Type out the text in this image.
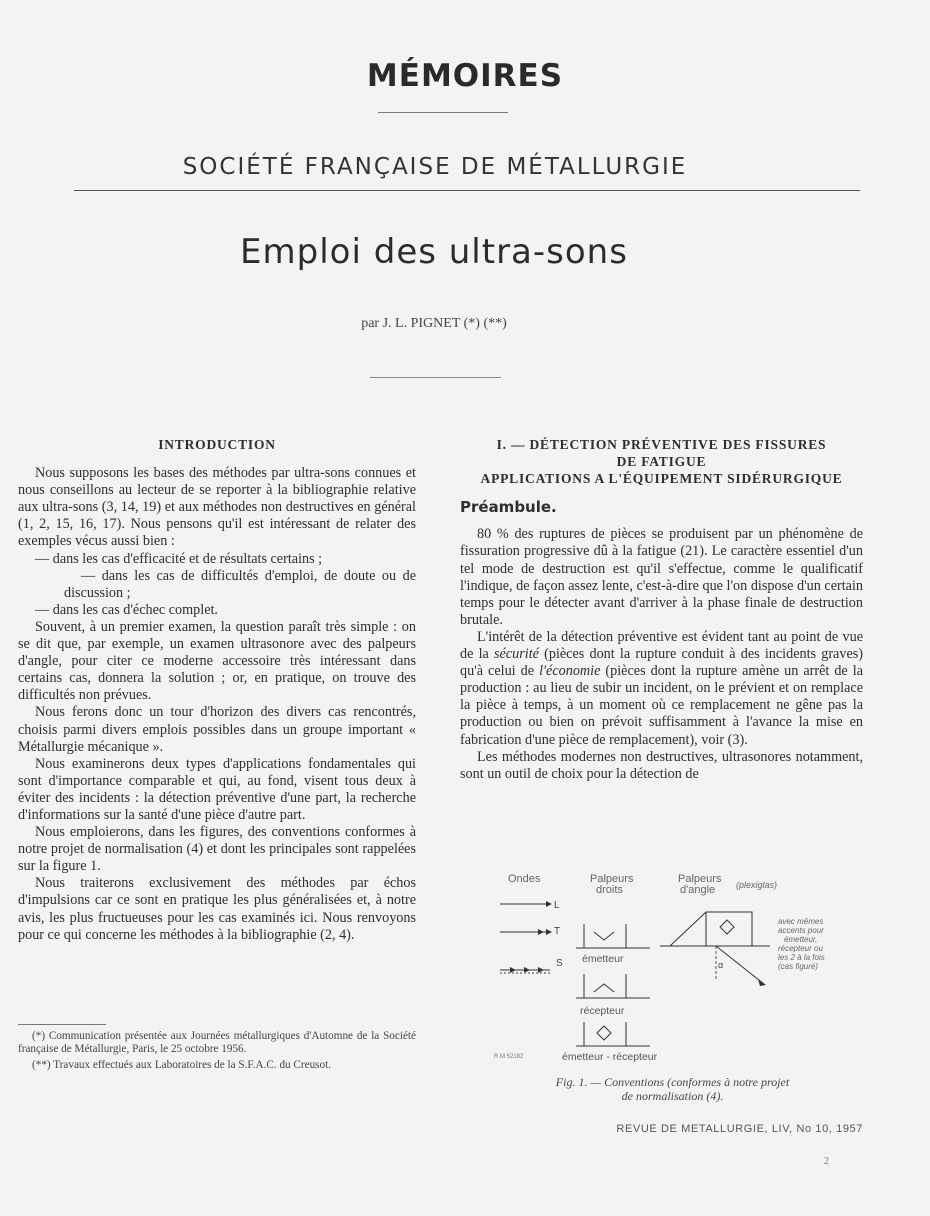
MÉMOIRES
SOCIÉTÉ FRANÇAISE DE MÉTALLURGIE
Emploi des ultra-sons
par J. L. PIGNET (*) (**)
INTRODUCTION

Nous supposons les bases des méthodes par ultra-sons connues et nous conseillons au lecteur de se reporter à la bibliographie relative aux ultra-sons (3, 14, 19) et aux méthodes non destructives en général (1, 2, 15, 16, 17). Nous pensons qu'il est intéressant de relater des exemples vécus aussi bien :

— dans les cas d'efficacité et de résultats certains ;

— dans les cas de difficultés d'emploi, de doute ou de discussion ;

— dans les cas d'échec complet.

Souvent, à un premier examen, la question paraît très simple : on se dit que, par exemple, un examen ultrasonore avec des palpeurs d'angle, pour citer ce moderne accessoire très intéressant dans certains cas, donnera la solution ; or, en pratique, on trouve des difficultés non prévues.

Nous ferons donc un tour d'horizon des divers cas rencontrés, choisis parmi divers emplois possibles dans un groupe important « Métallurgie mécanique ».

Nous examinerons deux types d'applications fondamentales qui sont d'importance comparable et qui, au fond, visent tous deux à éviter des incidents : la détection préventive d'une part, la recherche d'informations sur la santé d'une pièce d'autre part.

Nous emploierons, dans les figures, des conventions conformes à notre projet de normalisation (4) et dont les principales sont rappelées sur la figure 1.

Nous traiterons exclusivement des méthodes par échos d'impulsions car ce sont en pratique les plus généralisées et, à notre avis, les plus fructueuses pour les cas examinés ici. Nous renvoyons pour ce qui concerne les méthodes à la bibliographie (2, 4).

(*) Communication présentée aux Journées métallurgiques d'Automne de la Société française de Métallurgie, Paris, le 25 octobre 1956.

(**) Travaux effectués aux Laboratoires de la S.F.A.C. du Creusot.

I. — DÉTECTION PRÉVENTIVE DES FISSURES
DE FATIGUE
APPLICATIONS A L'ÉQUIPEMENT SIDÉRURGIQUE
Préambule.

80 % des ruptures de pièces se produisent par un phénomène de fissuration progressive dû à la fatigue (21). Le caractère essentiel d'un tel mode de destruction est qu'il s'effectue, comme le qualificatif l'indique, de façon assez lente, c'est-à-dire que l'on dispose d'un certain temps pour le détecter avant d'arriver à la phase finale de destruction brutale.

L'intérêt de la détection préventive est évident tant au point de vue de la sécurité (pièces dont la rupture conduit à des incidents graves) qu'à celui de l'économie (pièces dont la rupture amène un arrêt de la production : au lieu de subir un incident, on le prévient et on remplace la pièce à temps, à un moment où ce remplacement ne gêne pas la production ou bien on prévoit suffisamment à l'avance la mise en fabrication d'une pièce de remplacement), voir (3).

Les méthodes modernes non destructives, ultrasonores notamment, sont un outil de choix pour la détection de

Ondes	Palpeurs
droits
Palpeurs
d'angle (plexiglas)
L
T
S émetteur
récepteur
émetteur - récepteur
R M 52182
α
avec mêmes
accents pour
émetteur,
récepteur ou
les 2 à la fois
(cas figuré)
Fig. 1. — Conventions (conformes à notre projet
de normalisation (4).
REVUE DE METALLURGIE, LIV, No 10, 1957
2
